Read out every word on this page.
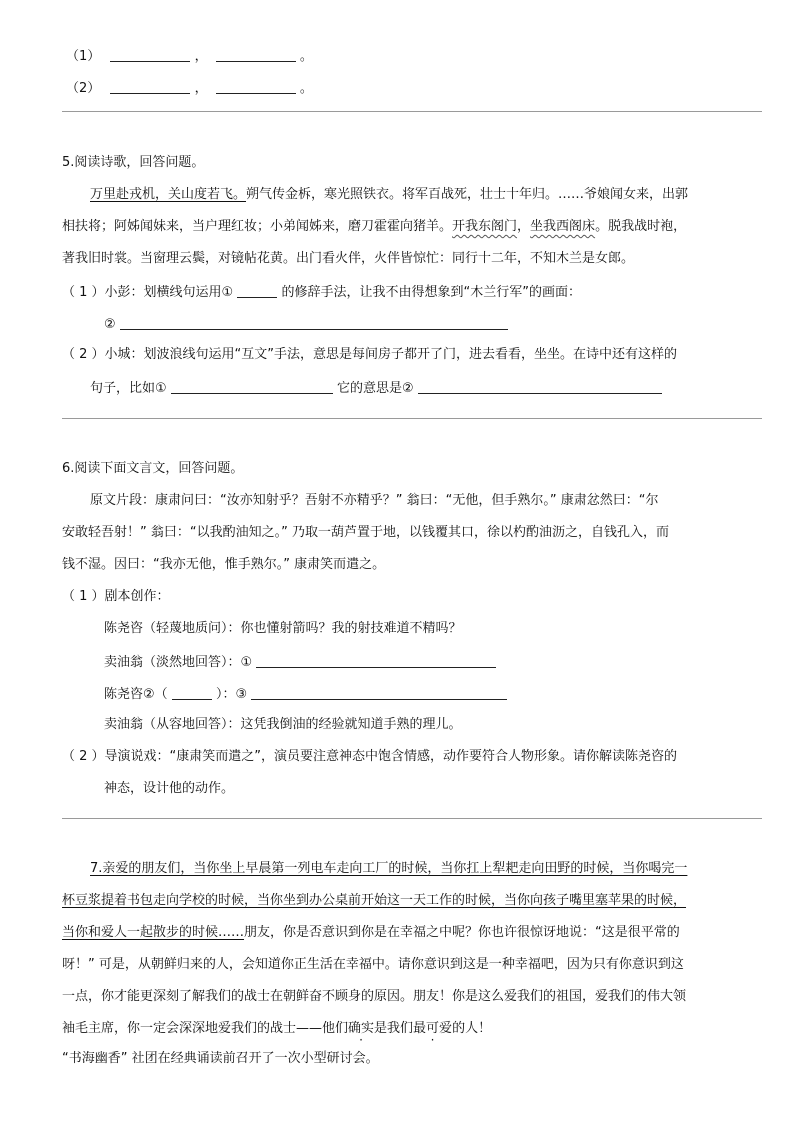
（1）	，	。
（2）	，	。
5.阅读诗歌，回答问题。
万里赴戎机，关山度若飞。朔气传金柝，寒光照铁衣。将军百战死，壮士十年归。……爷娘闻女来，出郭
相扶将；阿姊闻妹来，当户理红妆；小弟闻姊来，磨刀霍霍向猪羊。开我东阁门，坐我西阁床。脱我战时袍，
著我旧时裳。当窗理云鬓，对镜帖花黄。出门看火伴，火伴皆惊忙：同行十二年，不知木兰是女郎。
（ 1 ）小彭：划横线句运用①	的修辞手法，让我不由得想象到“木兰行军”的画面：
②
（ 2 ）小城：划波浪线句运用“互文”手法，意思是每间房子都开了门，进去看看，坐坐。在诗中还有这样的
句子，比如①	它的意思是②
6.阅读下面文言文，回答问题。
原文片段：康肃问曰：“汝亦知射乎？吾射不亦精乎？” 翁曰：“无他，但手熟尔。” 康肃忿然曰：“尔
安敢轻吾射！” 翁曰：“以我酌油知之。” 乃取一葫芦置于地，以钱覆其口，徐以杓酌油沥之，自钱孔入，而
钱不湿。因曰：“我亦无他，惟手熟尔。” 康肃笑而遣之。
（ 1 ）剧本创作：
陈尧咨（轻蔑地质问）：你也懂射箭吗？我的射技难道不精吗？
卖油翁（淡然地回答）：①
陈尧咨②（	）：③
卖油翁（从容地回答）：这凭我倒油的经验就知道手熟的理儿。
（ 2 ）导演说戏：“康肃笑而遣之”，演员要注意神态中饱含情感，动作要符合人物形象。请你解读陈尧咨的
神态，设计他的动作。
7.亲爱的朋友们，当你坐上早晨第一列电车走向工厂的时候，当你扛上犁耙走向田野的时候，当你喝完一
杯豆浆提着书包走向学校的时候，当你坐到办公桌前开始这一天工作的时候，当你向孩子嘴里塞苹果的时候，
当你和爱人一起散步的时候……朋友，你是否意识到你是在幸福之中呢？你也许很惊讶地说：“这是很平常的
呀！” 可是，从朝鲜归来的人，会知道你正生活在幸福中。请你意识到这是一种幸福吧，因为只有你意识到这
一点，你才能更深刻了解我们的战士在朝鲜奋不顾身的原因。朋友！你是这么爱我们的祖国，爱我们的伟大领
袖毛主席，你一定会深深地爱我们的战士——他们确实是我们最可爱的人！
“书海幽香” 社团在经典诵读前召开了一次小型研讨会。
